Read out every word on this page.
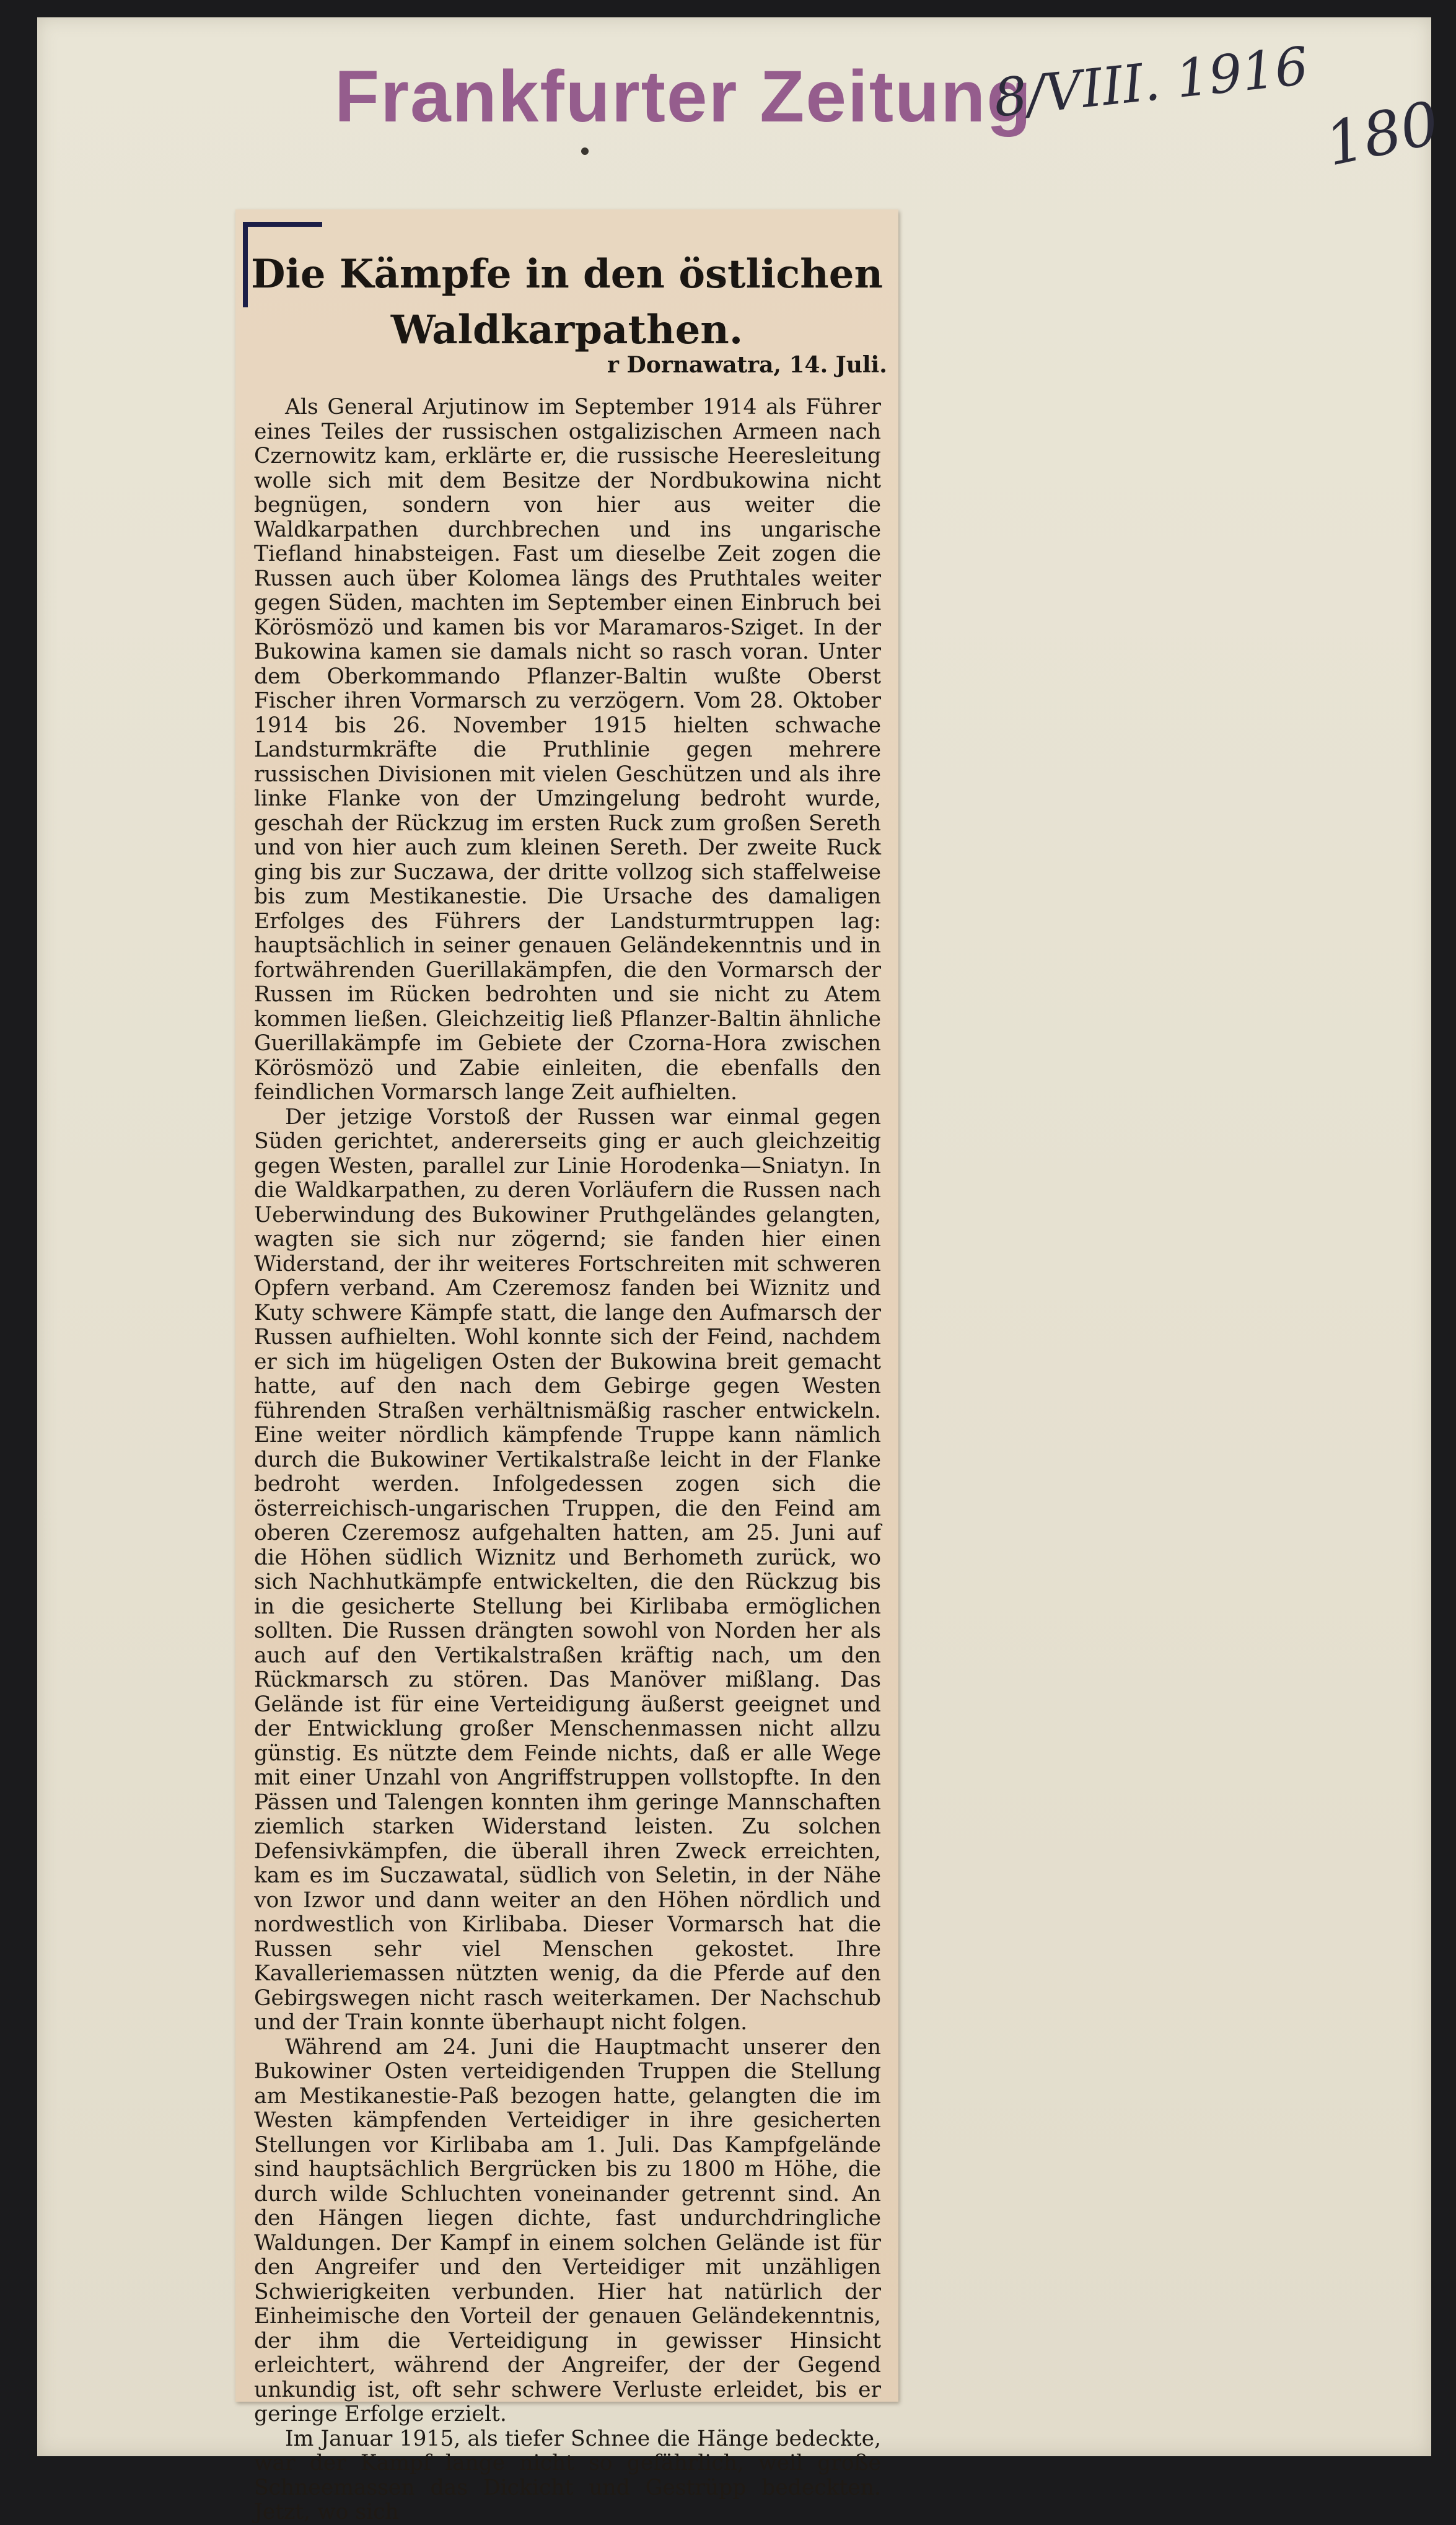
Frankfurter Zeitung
8/VIII. 1916
180
Die Kämpfe in den östlichen
Waldkarpathen.
r Dornawatra, 14. Juli.

Als General Arjutinow im September 1914 als Führer eines Teiles der russischen ostgalizischen Armeen nach Czernowitz kam, erklärte er, die russische Heeresleitung wolle sich mit dem Besitze der Nordbukowina nicht begnügen, sondern von hier aus weiter die Waldkarpathen durchbrechen und ins ungarische Tiefland hinabsteigen. Fast um dieselbe Zeit zogen die Russen auch über Kolomea längs des Pruthtales weiter gegen Süden, machten im September einen Einbruch bei Körösmözö und kamen bis vor Maramaros-Sziget. In der Bukowina kamen sie damals nicht so rasch voran. Unter dem Oberkommando Pflanzer-Baltin wußte Oberst Fischer ihren Vormarsch zu verzögern. Vom 28. Oktober 1914 bis 26. November 1915 hielten schwache Landsturmkräfte die Pruthlinie gegen mehrere russischen Divisionen mit vielen Geschützen und als ihre linke Flanke von der Umzingelung bedroht wurde, geschah der Rückzug im ersten Ruck zum großen Sereth und von hier auch zum kleinen Sereth. Der zweite Ruck ging bis zur Suczawa, der dritte vollzog sich staffelweise bis zum Mestikanestie. Die Ursache des damaligen Erfolges des Führers der Landsturmtruppen lag: hauptsächlich in seiner genauen Geländekenntnis und in fortwährenden Guerillakämpfen, die den Vormarsch der Russen im Rücken bedrohten und sie nicht zu Atem kommen ließen. Gleichzeitig ließ Pflanzer-Baltin ähnliche Guerillakämpfe im Gebiete der Czorna-Hora zwischen Körösmözö und Zabie einleiten, die ebenfalls den feindlichen Vormarsch lange Zeit aufhielten.

Der jetzige Vorstoß der Russen war einmal gegen Süden gerichtet, andererseits ging er auch gleichzeitig gegen Westen, parallel zur Linie Horodenka—Sniatyn. In die Waldkarpathen, zu deren Vorläufern die Russen nach Ueberwindung des Bukowiner Pruthgeländes gelangten, wagten sie sich nur zögernd; sie fanden hier einen Widerstand, der ihr weiteres Fortschreiten mit schweren Opfern verband. Am Czeremosz fanden bei Wiznitz und Kuty schwere Kämpfe statt, die lange den Aufmarsch der Russen aufhielten. Wohl konnte sich der Feind, nachdem er sich im hügeligen Osten der Bukowina breit gemacht hatte, auf den nach dem Gebirge gegen Westen führenden Straßen verhältnismäßig rascher entwickeln. Eine weiter nördlich kämpfende Truppe kann nämlich durch die Bukowiner Vertikalstraße leicht in der Flanke bedroht werden. Infolgedessen zogen sich die österreichisch-ungarischen Truppen, die den Feind am oberen Czeremosz aufgehalten hatten, am 25. Juni auf die Höhen südlich Wiznitz und Berhometh zurück, wo sich Nachhutkämpfe entwickelten, die den Rückzug bis in die gesicherte Stellung bei Kirlibaba ermöglichen sollten. Die Russen drängten sowohl von Norden her als auch auf den Vertikalstraßen kräftig nach, um den Rückmarsch zu stören. Das Manöver mißlang. Das Gelände ist für eine Verteidigung äußerst geeignet und der Entwicklung großer Menschenmassen nicht allzu günstig. Es nützte dem Feinde nichts, daß er alle Wege mit einer Unzahl von Angriffstruppen vollstopfte. In den Pässen und Talengen konnten ihm geringe Mannschaften ziemlich starken Widerstand leisten. Zu solchen Defensivkämpfen, die überall ihren Zweck erreichten, kam es im Suczawatal, südlich von Seletin, in der Nähe von Izwor und dann weiter an den Höhen nördlich und nordwestlich von Kirlibaba. Dieser Vormarsch hat die Russen sehr viel Menschen gekostet. Ihre Kavalleriemassen nützten wenig, da die Pferde auf den Gebirgswegen nicht rasch weiterkamen. Der Nachschub und der Train konnte überhaupt nicht folgen.

Während am 24. Juni die Hauptmacht unserer den Bukowiner Osten verteidigenden Truppen die Stellung am Mestikanestie-Paß bezogen hatte, gelangten die im Westen kämpfenden Verteidiger in ihre gesicherten Stellungen vor Kirlibaba am 1. Juli. Das Kampfgelände sind hauptsächlich Bergrücken bis zu 1800 m Höhe, die durch wilde Schluchten voneinander getrennt sind. An den Hängen liegen dichte, fast undurchdringliche Waldungen. Der Kampf in einem solchen Gelände ist für den Angreifer und den Verteidiger mit unzähligen Schwierigkeiten verbunden. Hier hat natürlich der Einheimische den Vorteil der genauen Geländekenntnis, der ihm die Verteidigung in gewisser Hinsicht erleichtert, während der Angreifer, der der Gegend unkundig ist, oft sehr schwere Verluste erleidet, bis er geringe Erfolge erzielt.

Im Januar 1915, als tiefer Schnee die Hänge bedeckte, war der Kampf lange nicht so gefährlich, weil große Schneemassen das Dickicht und Gestrüpp bedeckten. Jetzt, wo sich
